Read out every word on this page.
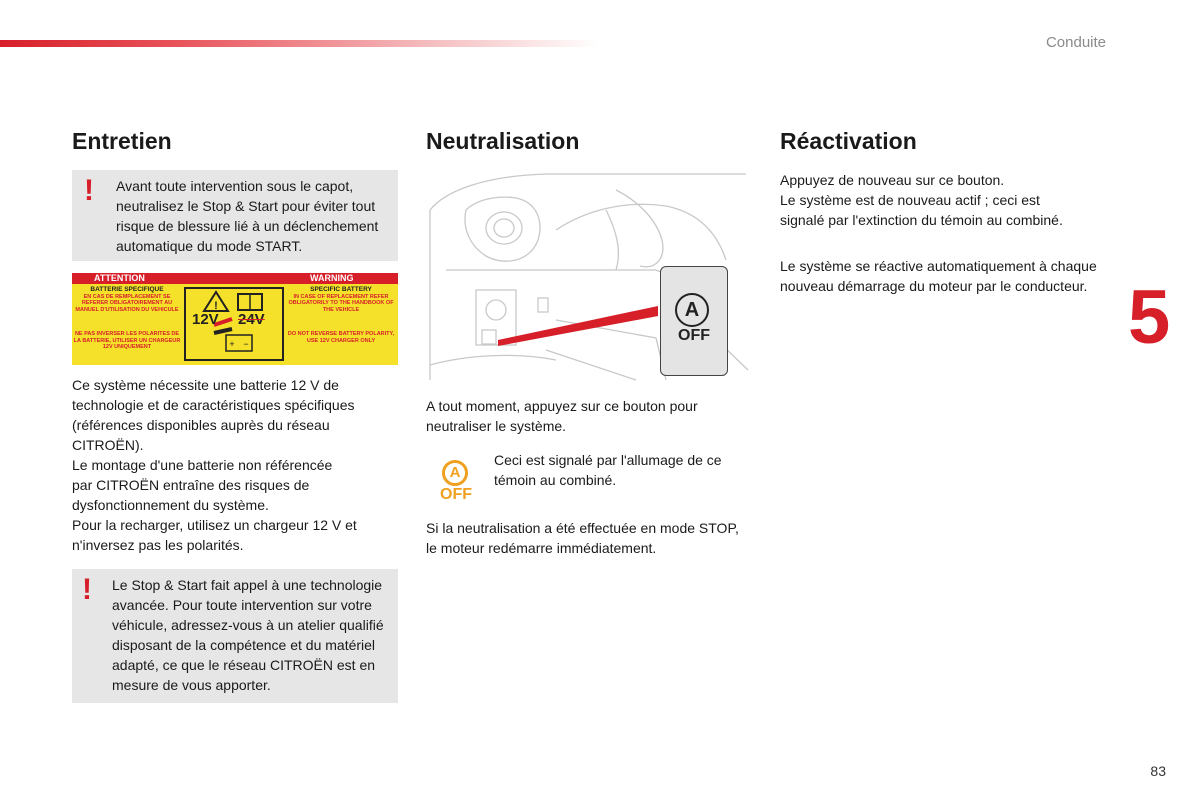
Conduite
5
83
Entretien
! Avant toute intervention sous le capot, neutralisez le Stop & Start pour éviter tout risque de blessure lié à un déclenchement automatique du mode START.

ATTENTION	WARNING
BATTERIE SPECIFIQUE
EN CAS DE REMPLACEMENT SE REFERER OBLIGATOIREMENT AU MANUEL D'UTILISATION DU VEHICULE
NE PAS INVERSER LES POLARITES DE LA BATTERIE, UTILISER UN CHARGEUR 12V UNIQUEMENT
SPECIFIC BATTERY
IN CASE OF REPLACEMENT REFER OBLIGATORILY TO THE HANDBOOK OF THE VEHICLE
DO NOT REVERSE BATTERY POLARITY, USE 12V CHARGER ONLY
!
+ −
12V 24V

Ce système nécessite une batterie 12 V de

technologie et de caractéristiques spécifiques

(références disponibles auprès du réseau

CITROËN).

Le montage d'une batterie non référencée

par CITROËN entraîne des risques de

dysfonctionnement du système.

Pour la recharger, utilisez un chargeur 12 V et

n'inversez pas les polarités.

! Le Stop & Start fait appel à une technologie avancée. Pour toute intervention sur votre véhicule, adressez-vous à un atelier qualifié disposant de la compétence et du matériel adapté, ce que le réseau CITROËN est en mesure de vous apporter.

Neutralisation
A
OFF

A tout moment, appuyez sur ce bouton pour neutraliser le système.

A
OFF

Ceci est signalé par l'allumage de ce témoin au combiné.

Si la neutralisation a été effectuée en mode STOP, le moteur redémarre immédiatement.

Réactivation

Appuyez de nouveau sur ce bouton.

Le système est de nouveau actif ; ceci est

signalé par l'extinction du témoin au combiné.

Le système se réactive automatiquement à chaque nouveau démarrage du moteur par le conducteur.
